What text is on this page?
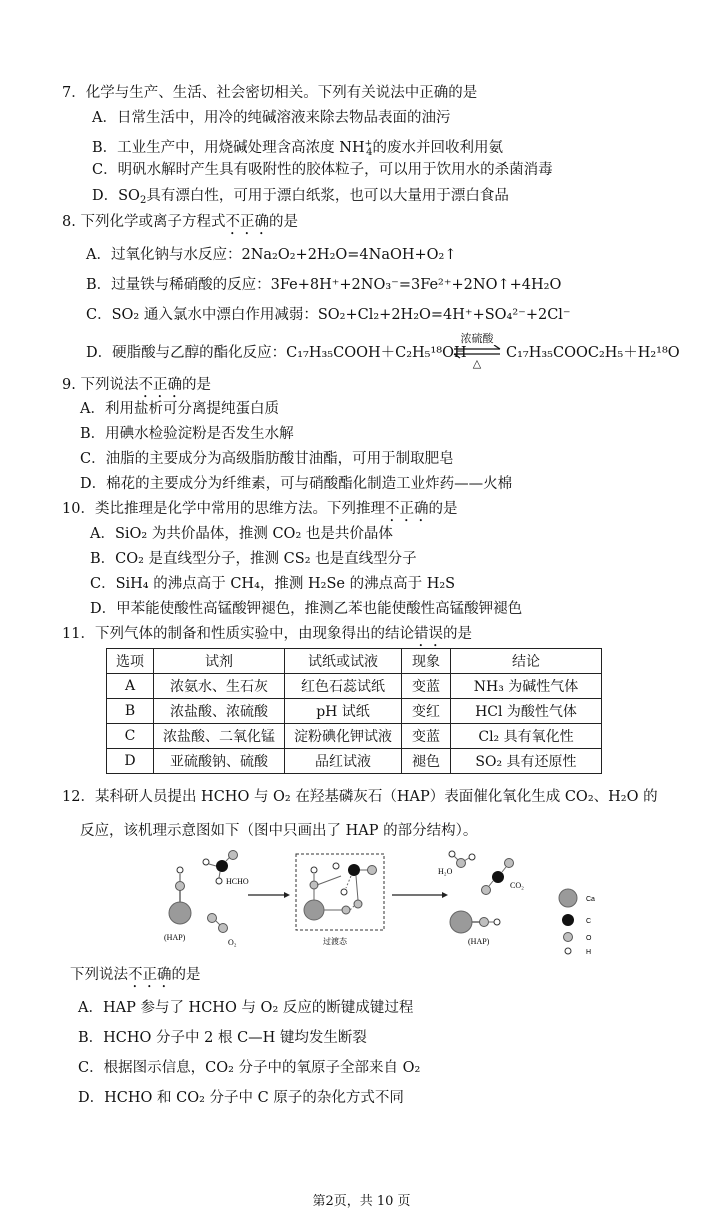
7．化学与生产、生活、社会密切相关。下列有关说法中正确的是
A．日常生活中，用冷的纯碱溶液来除去物品表面的油污
B．工业生产中，用烧碱处理含高浓度 $NH^+_4$的废水并回收利用氨
C．明矾水解时产生具有吸附性的胶体粒子，可以用于饮用水的杀菌消毒
D．$SO_2$具有漂白性，可用于漂白纸浆，也可以大量用于漂白食品
8. 下列化学或离子方程式不正确的是
A．过氧化钠与水反应：2Na₂O₂+2H₂O=4NaOH+O₂↑
B．过量铁与稀硝酸的反应：3Fe+8H⁺+2NO₃⁻=3Fe²⁺+2NO↑+4H₂O
C．SO₂ 通入氯水中漂白作用减弱：SO₂+Cl₂+2H₂O=4H⁺+SO₄²⁻+2Cl⁻
D．硬脂酸与乙醇的酯化反应：C₁₇H₃₅COOH＋C₂H₅¹⁸OH
浓硫酸
△
C₁₇H₃₅COOC₂H₅＋H₂¹⁸O
9. 下列说法不正确的是
A．利用盐析可分离提纯蛋白质
B．用碘水检验淀粉是否发生水解
C．油脂的主要成分为高级脂肪酸甘油酯，可用于制取肥皂
D．棉花的主要成分为纤维素，可与硝酸酯化制造工业炸药——火棉
10．类比推理是化学中常用的思维方法。下列推理不正确的是
A．SiO₂ 为共价晶体，推测 CO₂ 也是共价晶体
B．CO₂ 是直线型分子，推测 CS₂ 也是直线型分子
C．SiH₄ 的沸点高于 CH₄，推测 H₂Se 的沸点高于 H₂S
D．甲苯能使酸性高锰酸钾褪色，推测乙苯也能使酸性高锰酸钾褪色
11．下列气体的制备和性质实验中，由现象得出的结论错误的是
选项	试剂	试纸或试液	现象	结论
A	浓氨水、生石灰	红色石蕊试纸	变蓝	NH₃ 为碱性气体
B	浓盐酸、浓硫酸	pH 试纸	变红	HCl 为酸性气体
C	浓盐酸、二氧化锰	淀粉碘化钾试液	变蓝	Cl₂ 具有氧化性
D	亚硫酸钠、硫酸	品红试液	褪色	SO₂ 具有还原性
12．某科研人员提出 HCHO 与 O₂ 在羟基磷灰石（HAP）表面催化氧化生成 CO₂、H₂O 的
反应，该机理示意图如下（图中只画出了 HAP 的部分结构）。
(HAP)
HCHO
O₂	过渡态
H₂O
CO₂
(HAP)
Ca
C
O
H
下列说法不正确的是
A．HAP 参与了 HCHO 与 O₂ 反应的断键成键过程
B．HCHO 分子中 2 根 C—H 键均发生断裂
C．根据图示信息，CO₂ 分子中的氧原子全部来自 O₂
D．HCHO 和 CO₂ 分子中 C 原子的杂化方式不同
第2页，共 10 页
